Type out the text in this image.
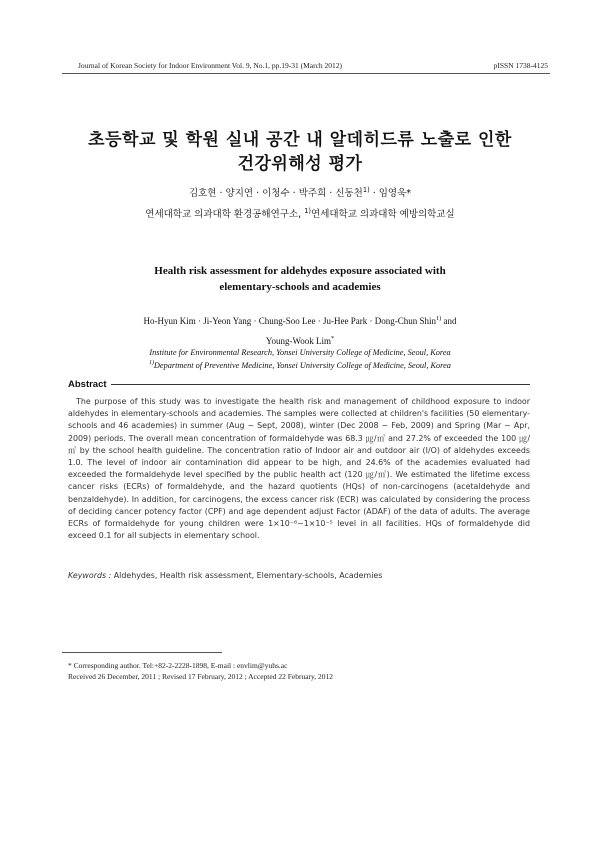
Journal of Korean Society for Indoor Environment Vol. 9, No.1, pp.19-31 (March 2012)	pISSN 1738-4125
초등학교 및 학원 실내 공간 내 알데히드류 노출로 인한
건강위해성 평가
김호현 · 양지연 · 이청수 · 박주희 · 신동천$^{1)}$ · 임영욱*
연세대학교 의과대학 환경공해연구소, $^{1)}$연세대학교 의과대학 예방의학교실
Health risk assessment for aldehydes exposure associated with
elementary-schools and academies
Ho-Hyun Kim · Ji-Yeon Yang · Chung-Soo Lee · Ju-Hee Park · Dong-Chun Shin$^{1)}$ and
Young-Wook Lim*
Institute for Environmental Research, Yonsei University College of Medicine, Seoul, Korea
$^{1)}$Department of Preventive Medicine, Yonsei University College of Medicine, Seoul, Korea
Abstract
The purpose of this study was to investigate the health risk and management of childhood exposure to indoor aldehydes in elementary-schools and academies. The samples were collected at children's facilities (50 elementary-schools and 46 academies) in summer (Aug ~ Sept, 2008), winter (Dec 2008 ~ Feb, 2009) and Spring (Mar ~ Apr, 2009) periods. The overall mean concentration of formaldehyde was 68.3 ㎍/㎥ and 27.2% of exceeded the 100 ㎍/㎥ by the school health guideline. The concentration ratio of Indoor air and outdoor air (I/O) of aldehydes exceeds 1.0. The level of indoor air contamination did appear to be high, and 24.6% of the academies evaluated had exceeded the formaldehyde level specified by the public health act (120 ㎍/㎥). We estimated the lifetime excess cancer risks (ECRs) of formaldehyde, and the hazard quotients (HQs) of non-carcinogens (acetaldehyde and benzaldehyde). In addition, for carcinogens, the excess cancer risk (ECR) was calculated by considering the process of deciding cancer potency factor (CPF) and age dependent adjust Factor (ADAF) of the data of adults. The average ECRs of formaldehyde for young children were 1×10⁻⁶~1×10⁻⁵ level in all facilities. HQs of formaldehyde did exceed 0.1 for all subjects in elementary school.
Keywords : Aldehydes, Health risk assessment, Elementary-schools, Academies
* Corresponding author. Tel:+82-2-2228-1898, E-mail : envlim@yuhs.ac
Received 26 December, 2011 ; Revised 17 February, 2012 ; Accepted 22 February, 2012
